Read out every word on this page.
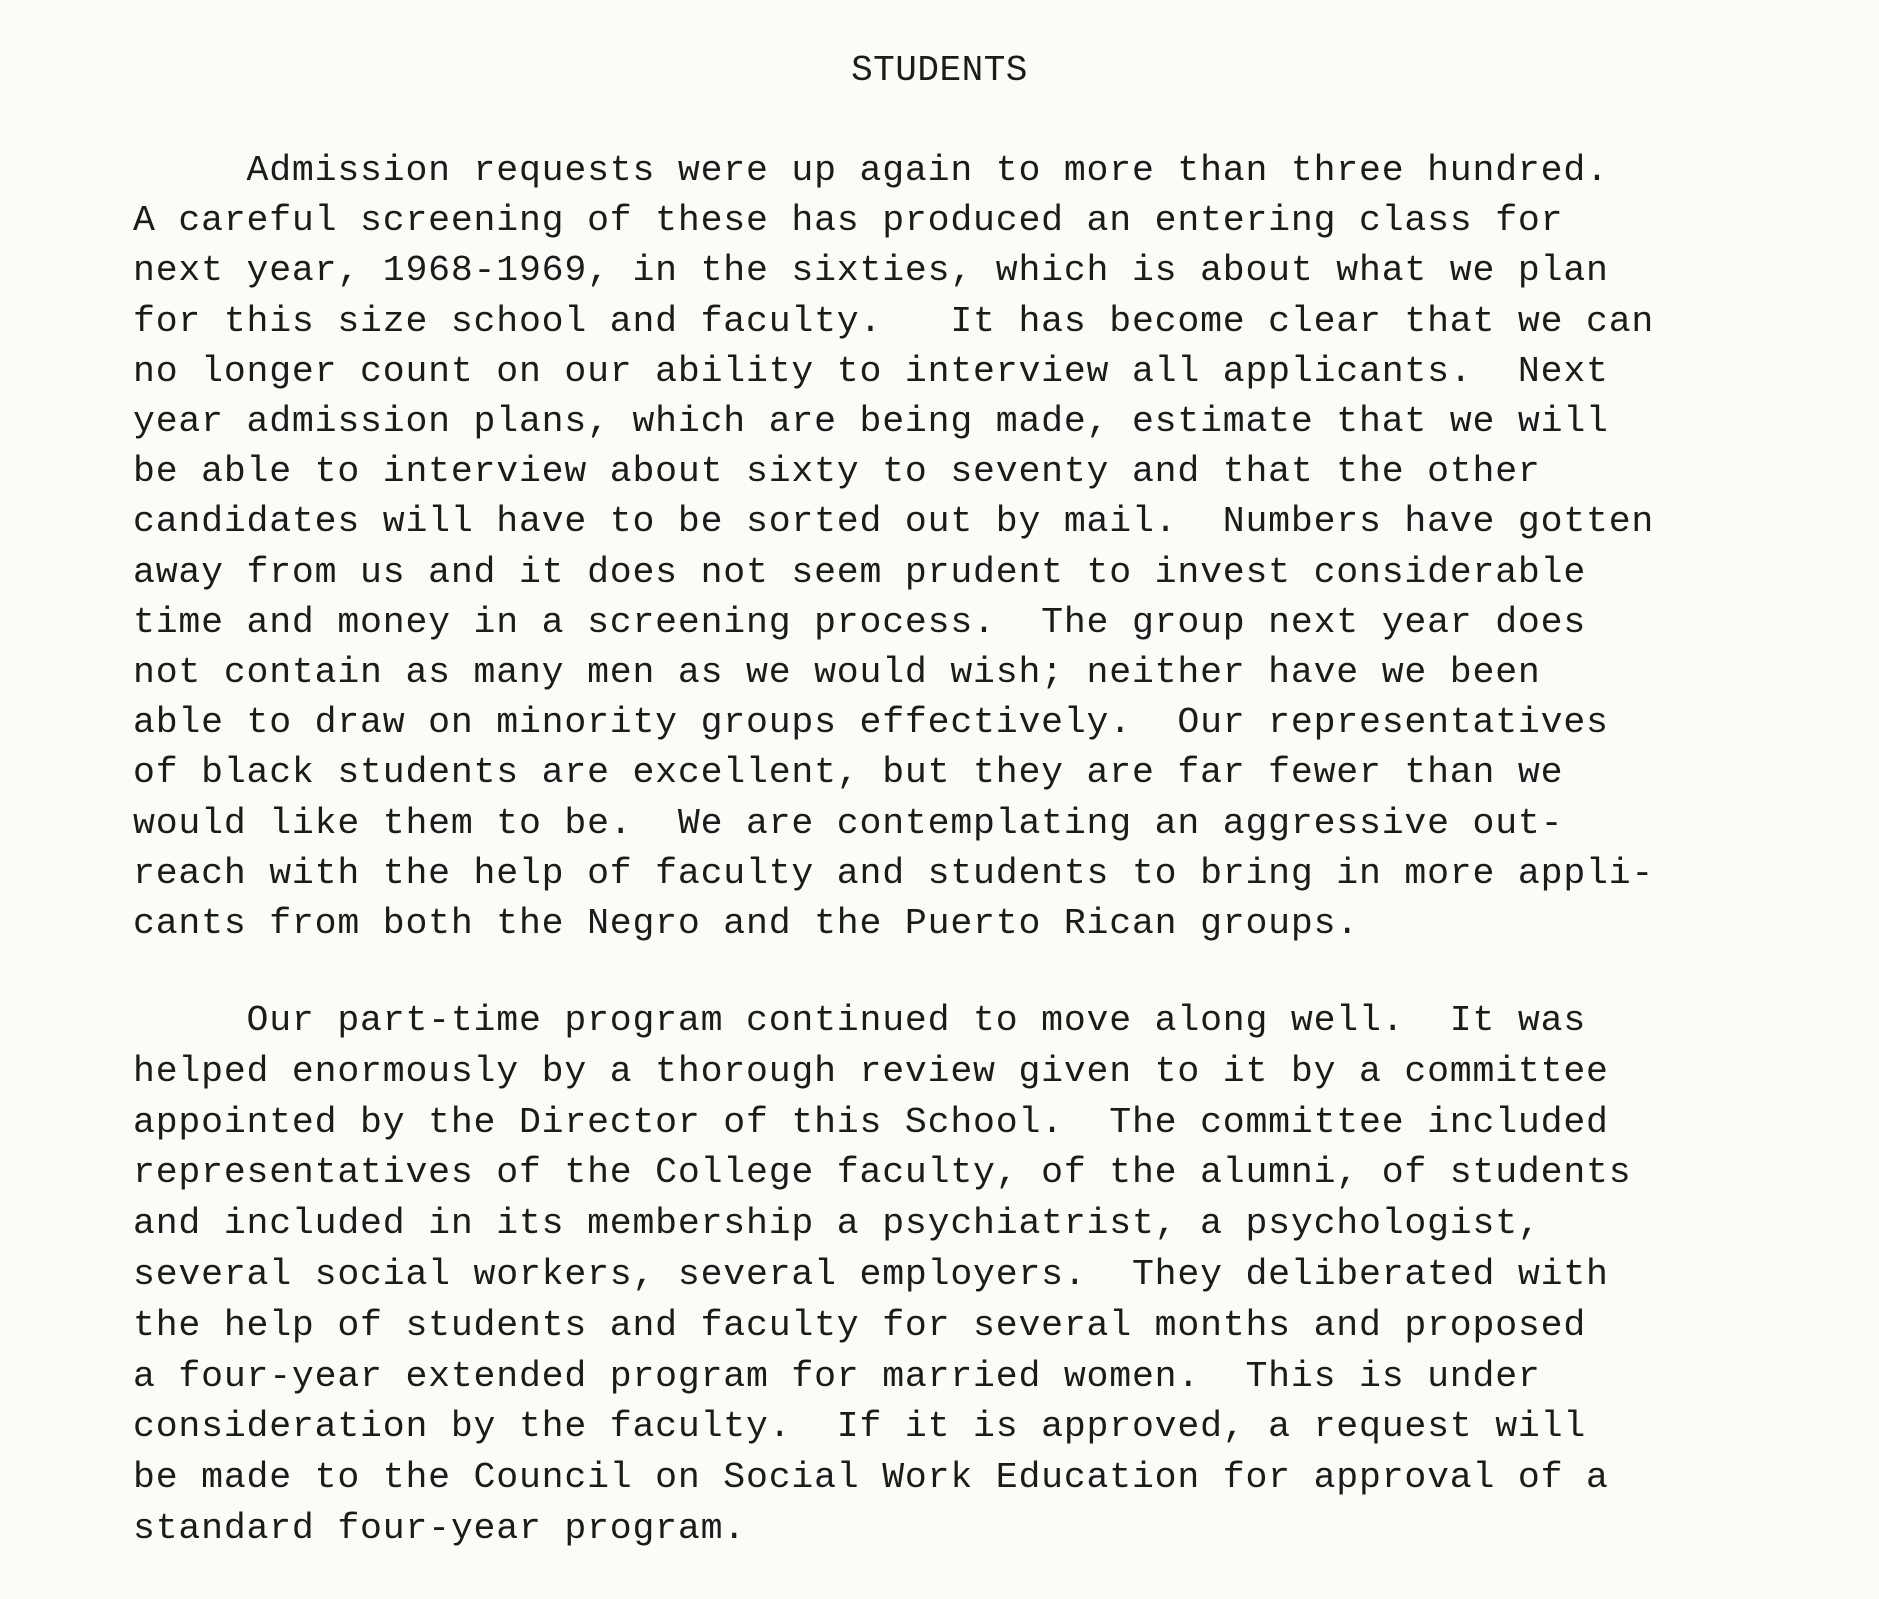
STUDENTS
Admission requests were up again to more than three hundred.
A careful screening of these has produced an entering class for
next year, 1968-1969, in the sixties, which is about what we plan
for this size school and faculty.   It has become clear that we can
no longer count on our ability to interview all applicants.  Next
year admission plans, which are being made, estimate that we will
be able to interview about sixty to seventy and that the other
candidates will have to be sorted out by mail.  Numbers have gotten
away from us and it does not seem prudent to invest considerable
time and money in a screening process.  The group next year does
not contain as many men as we would wish; neither have we been
able to draw on minority groups effectively.  Our representatives
of black students are excellent, but they are far fewer than we
would like them to be.  We are contemplating an aggressive out-
reach with the help of faculty and students to bring in more appli-
cants from both the Negro and the Puerto Rican groups.
Our part-time program continued to move along well.  It was
helped enormously by a thorough review given to it by a committee
appointed by the Director of this School.  The committee included
representatives of the College faculty, of the alumni, of students
and included in its membership a psychiatrist, a psychologist,
several social workers, several employers.  They deliberated with
the help of students and faculty for several months and proposed
a four-year extended program for married women.  This is under
consideration by the faculty.  If it is approved, a request will
be made to the Council on Social Work Education for approval of a
standard four-year program.
